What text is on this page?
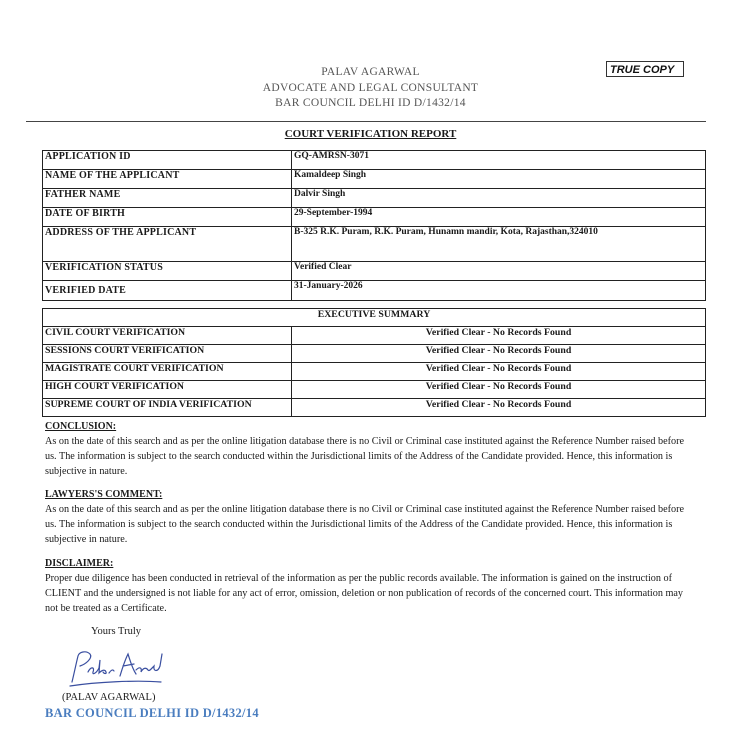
PALAV AGARWAL
ADVOCATE AND LEGAL CONSULTANT
BAR COUNCIL DELHI ID D/1432/14
TRUE COPY
COURT VERIFICATION REPORT
APPLICATION ID	GQ-AMRSN-3071
NAME OF THE APPLICANT	Kamaldeep Singh
FATHER NAME	Dalvir Singh
DATE OF BIRTH	29-September-1994
ADDRESS OF THE APPLICANT	B-325 R.K. Puram, R.K. Puram, Hunamn mandir, Kota, Rajasthan,324010
VERIFICATION STATUS	Verified Clear
VERIFIED DATE	31-January-2026
EXECUTIVE SUMMARY	
CIVIL COURT VERIFICATION	Verified Clear - No Records Found
SESSIONS COURT VERIFICATION	Verified Clear - No Records Found
MAGISTRATE COURT VERIFICATION	Verified Clear - No Records Found
HIGH COURT VERIFICATION	Verified Clear - No Records Found
SUPREME COURT OF INDIA VERIFICATION	Verified Clear - No Records Found
CONCLUSION:
As on the date of this search and as per the online litigation database there is no Civil or Criminal case instituted against the Reference Number raised before us. The information is subject to the search conducted within the Jurisdictional limits of the Address of the Candidate provided. Hence, this information is subjective in nature.
LAWYERS'S COMMENT:
As on the date of this search and as per the online litigation database there is no Civil or Criminal case instituted against the Reference Number raised before us. The information is subject to the search conducted within the Jurisdictional limits of the Address of the Candidate provided. Hence, this information is subjective in nature.
DISCLAIMER:
Proper due diligence has been conducted in retrieval of the information as per the public records available. The information is gained on the instruction of CLIENT and the undersigned is not liable for any act of error, omission, deletion or non publication of records of the concerned court. This information may not be treated as a Certificate.
Yours Truly
(PALAV AGARWAL)
BAR COUNCIL DELHI ID D/1432/14
